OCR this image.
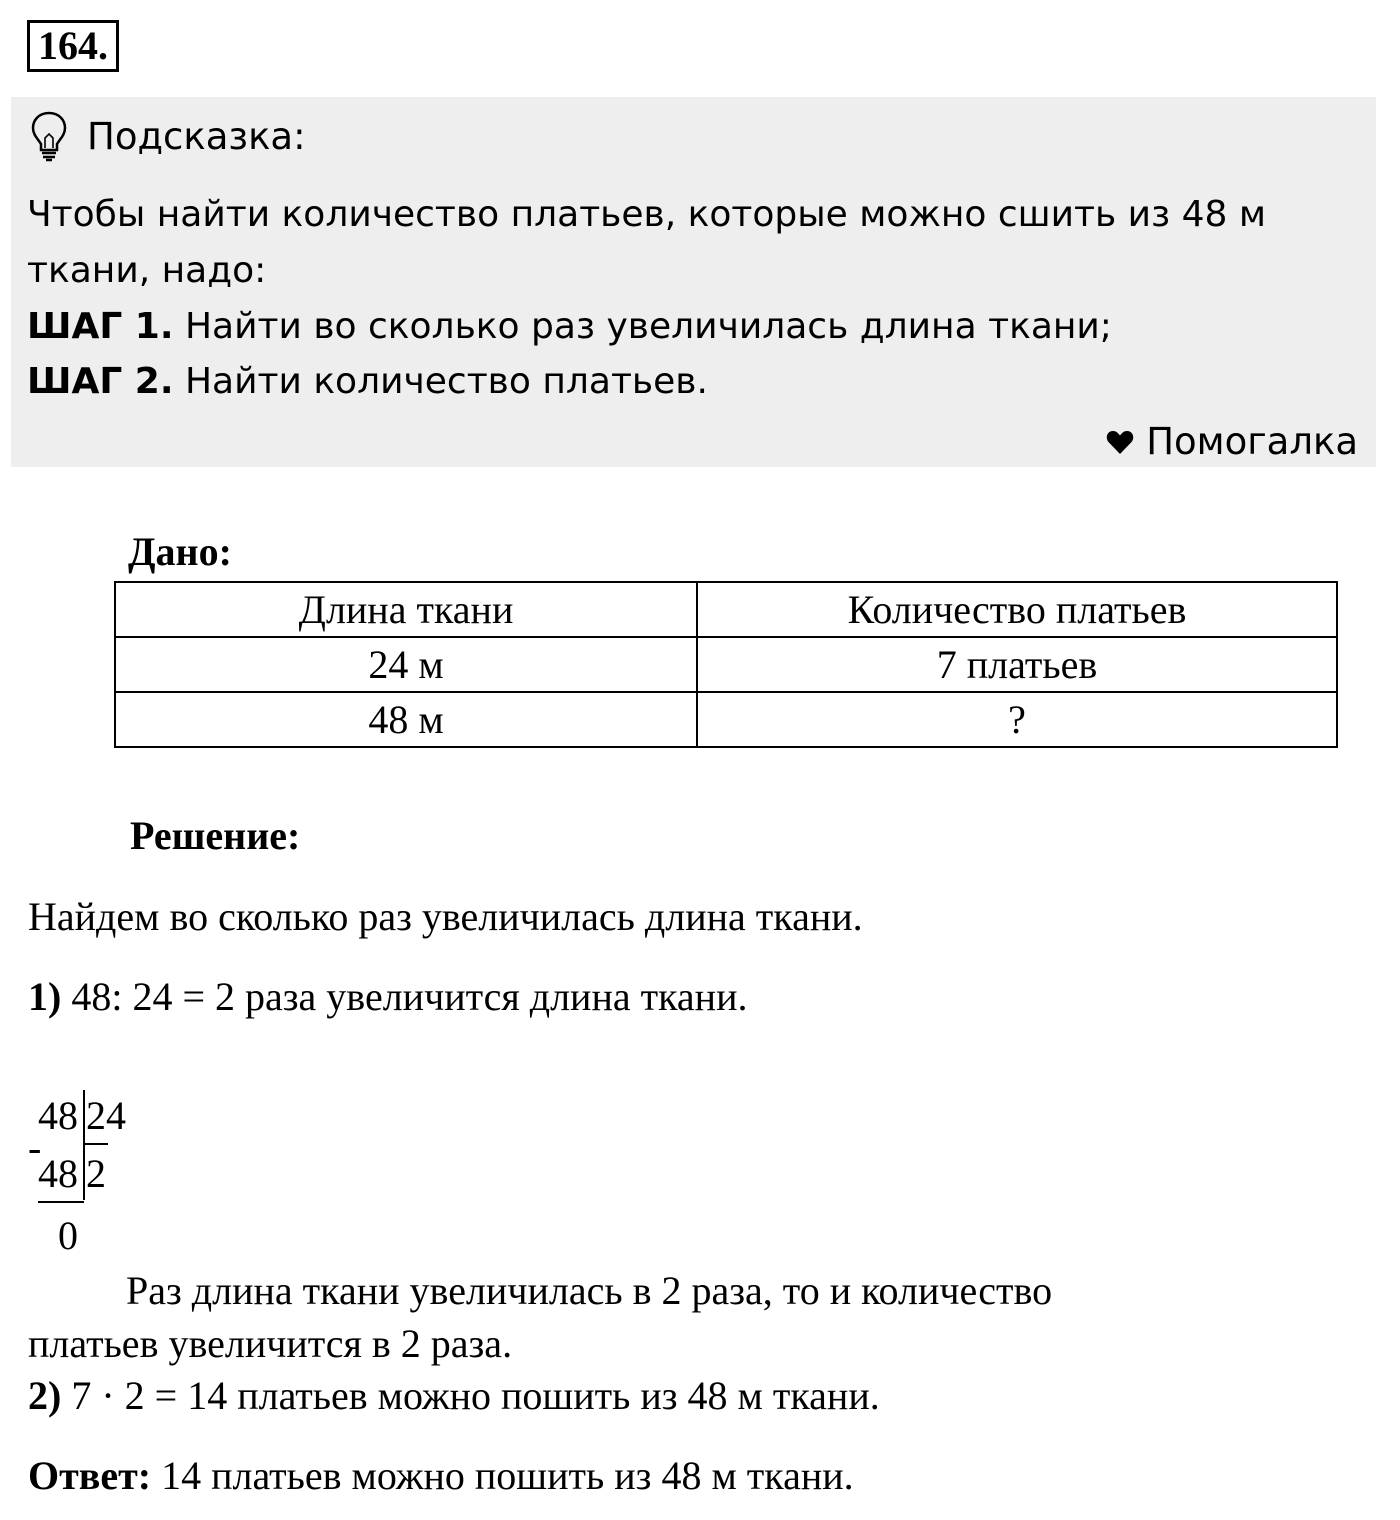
164.
Подсказка:
Чтобы найти количество платьев, которые можно сшить из 48 м
ткани, надо:
ШАГ 1. Найти во сколько раз увеличилась длина ткани;
ШАГ 2. Найти количество платьев.
Помогалка
Дано:
Длина ткани	Количество платьев
24 м	7 платьев
48 м	?
Решение:
Найдем во сколько раз увеличилась длина ткани.
1) 48: 24 = 2 раза увеличится длина ткани.
48 24
-
48 2
0
Раз длина ткани увеличилась в 2 раза, то и количество
платьев увеличится в 2 раза.
2) 7 · 2 = 14 платьев можно пошить из 48 м ткани.
Ответ: 14 платьев можно пошить из 48 м ткани.
